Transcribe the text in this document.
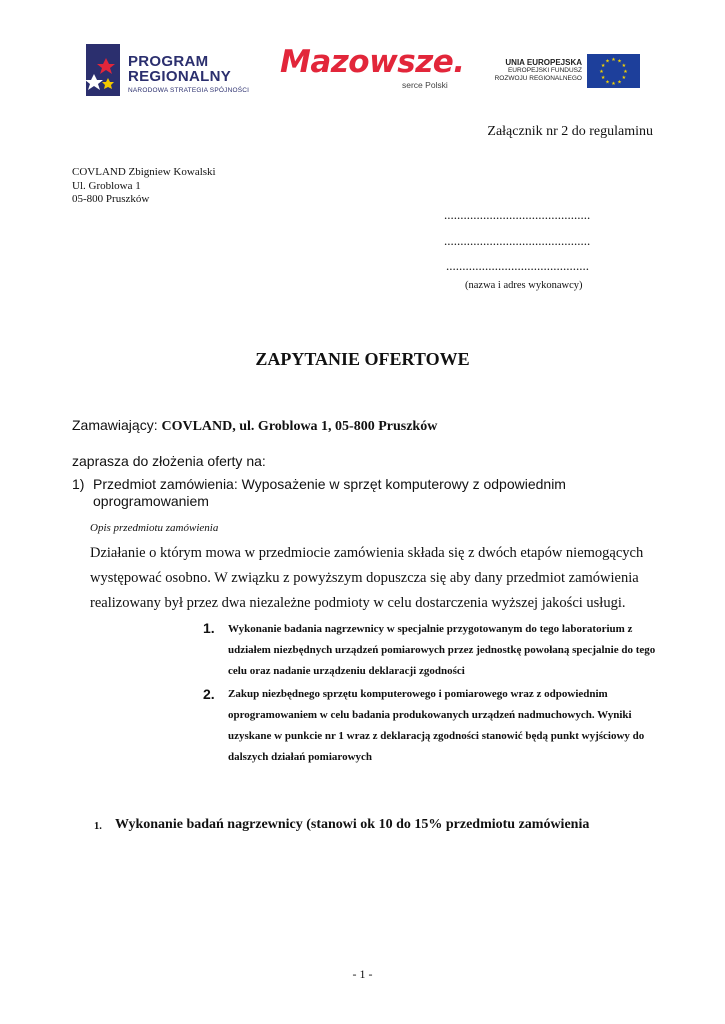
PROGRAM
REGIONALNY
NARODOWA STRATEGIA SPÓJNOŚCI
Mazowsze.
serce Polski
UNIA EUROPEJSKA
EUROPEJSKI FUNDUSZ
ROZWOJU REGIONALNEGO
★ ★
★
★
★
★
★
★
★
★
★
★
Załącznik nr 2 do regulaminu
COVLAND Zbigniew Kowalski
Ul. Groblowa 1
05-800 Pruszków
.............................................
.............................................
............................................
(nazwa i adres wykonawcy)
ZAPYTANIE OFERTOWE
Zamawiający: COVLAND, ul. Groblowa 1, 05-800 Pruszków
zaprasza do złożenia oferty na:
1) Przedmiot zamówienia: Wyposażenie w sprzęt komputerowy z odpowiednim oprogramowaniem
Opis przedmiotu zamówienia
Działanie o którym mowa w przedmiocie zamówienia składa się z dwóch etapów niemogących występować osobno. W związku z powyższym dopuszcza się aby dany przedmiot zamówienia realizowany był przez dwa niezależne podmioty w celu dostarczenia wyższej jakości usługi.
1. Wykonanie badania nagrzewnicy w specjalnie przygotowanym do tego laboratorium z udziałem niezbędnych urządzeń pomiarowych przez jednostkę powołaną specjalnie do tego celu oraz nadanie urządzeniu deklaracji zgodności
2. Zakup niezbędnego sprzętu komputerowego i pomiarowego wraz z odpowiednim oprogramowaniem w celu badania produkowanych urządzeń nadmuchowych. Wyniki uzyskane w punkcie nr 1 wraz z deklaracją zgodności stanowić będą punkt wyjściowy do dalszych działań pomiarowych
1. Wykonanie badań nagrzewnicy (stanowi ok 10 do 15% przedmiotu zamówienia
- 1 -
